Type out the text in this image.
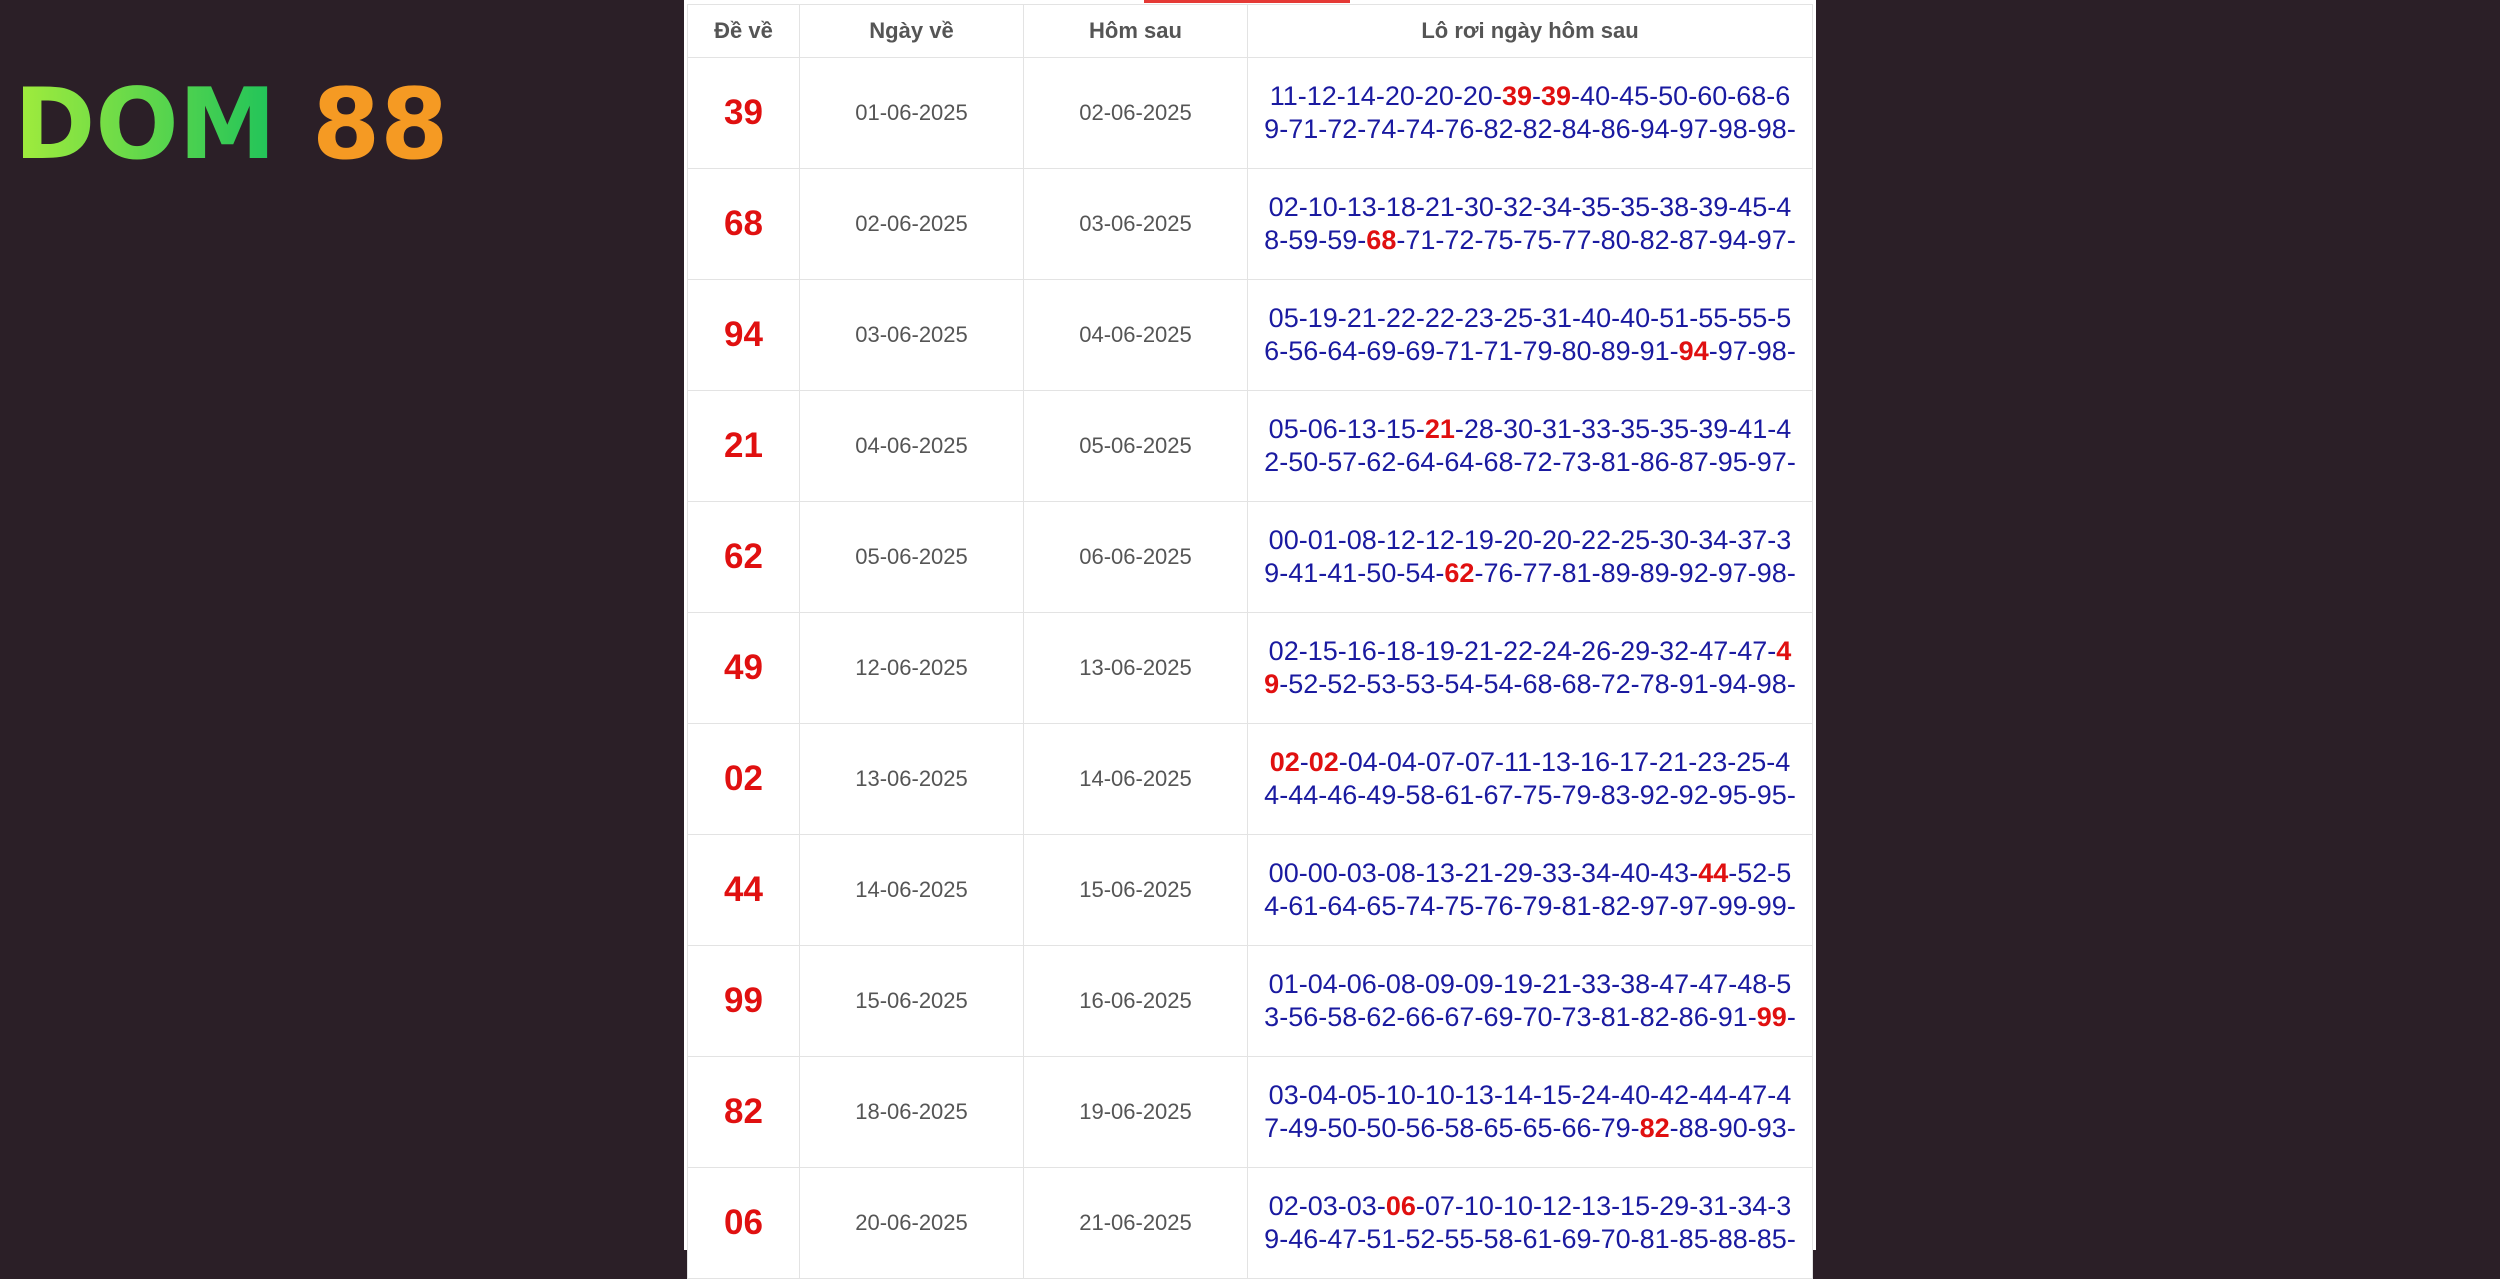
DOM 88
Đề về	Ngày về	Hôm sau	Lô rơi ngày hôm sau
39	01-06-2025	02-06-2025	11-12-14-20-20-20-39-39-40-45-50-60-68-69-71-72-74-74-76-82-82-84-86-94-97-98-98-
68	02-06-2025	03-06-2025	02-10-13-18-21-30-32-34-35-35-38-39-45-48-59-59-68-71-72-75-75-77-80-82-87-94-97-
94	03-06-2025	04-06-2025	05-19-21-22-22-23-25-31-40-40-51-55-55-56-56-64-69-69-71-71-79-80-89-91-94-97-98-
21	04-06-2025	05-06-2025	05-06-13-15-21-28-30-31-33-35-35-39-41-42-50-57-62-64-64-68-72-73-81-86-87-95-97-
62	05-06-2025	06-06-2025	00-01-08-12-12-19-20-20-22-25-30-34-37-39-41-41-50-54-62-76-77-81-89-89-92-97-98-
49	12-06-2025	13-06-2025	02-15-16-18-19-21-22-24-26-29-32-47-47-49-52-52-53-53-54-54-68-68-72-78-91-94-98-
02	13-06-2025	14-06-2025	02-02-04-04-07-07-11-13-16-17-21-23-25-44-44-46-49-58-61-67-75-79-83-92-92-95-95-
44	14-06-2025	15-06-2025	00-00-03-08-13-21-29-33-34-40-43-44-52-54-61-64-65-74-75-76-79-81-82-97-97-99-99-
99	15-06-2025	16-06-2025	01-04-06-08-09-09-19-21-33-38-47-47-48-53-56-58-62-66-67-69-70-73-81-82-86-91-99-
82	18-06-2025	19-06-2025	03-04-05-10-10-13-14-15-24-40-42-44-47-47-49-50-50-56-58-65-65-66-79-82-88-90-93-
06	20-06-2025	21-06-2025	02-03-03-06-07-10-10-12-13-15-29-31-34-39-46-47-51-52-55-58-61-69-70-81-85-88-85-
